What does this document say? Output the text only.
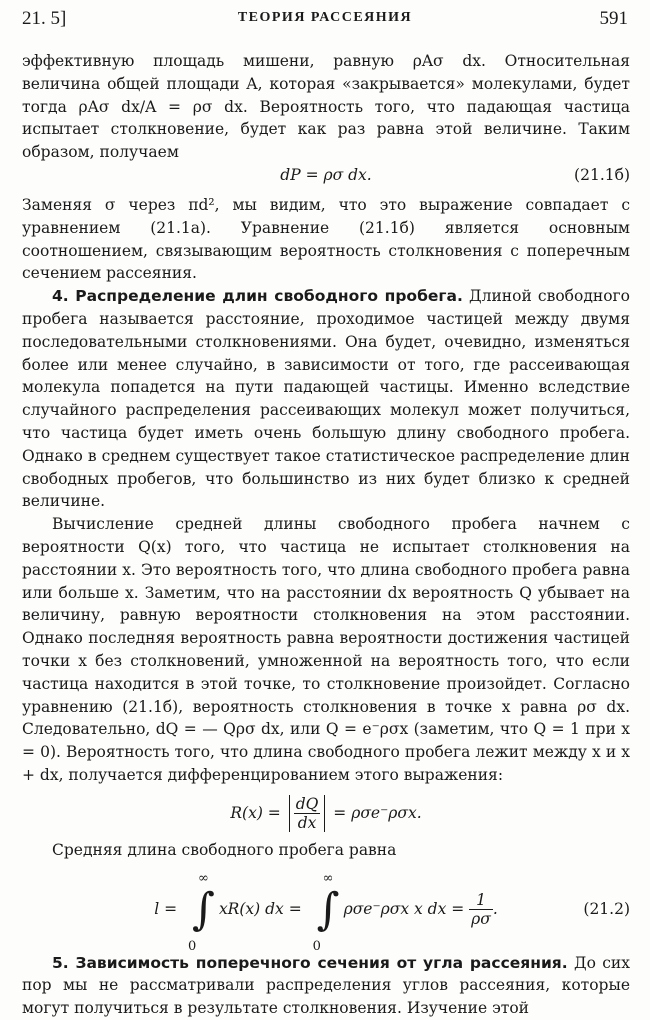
21. 5]	ТЕОРИЯ РАССЕЯНИЯ	591

эффективную площадь мишени, равную ρAσ dx. Относительная величина общей площади A, которая «закрывается» молекулами, будет тогда ρAσ dx/A = ρσ dx. Вероятность того, что падающая частица испытает столкновение, будет как раз равна этой величине. Таким образом, получаем

dP = ρσ dx.	(21.1б)

Заменяя σ через πd², мы видим, что это выражение совпадает с уравнением (21.1а). Уравнение (21.1б) является основным соотношением, связывающим вероятность столкновения с поперечным сечением рассеяния.

4. Распределение длин свободного пробега. Длиной свободного пробега называется расстояние, проходимое частицей между двумя последовательными столкновениями. Она будет, очевидно, изменяться более или менее случайно, в зависимости от того, где рассеивающая молекула попадется на пути падающей частицы. Именно вследствие случайного распределения рассеивающих молекул может получиться, что частица будет иметь очень большую длину свободного пробега. Однако в среднем существует такое статистическое распределение длин свободных пробегов, что большинство из них будет близко к средней величине.

Вычисление средней длины свободного пробега начнем с вероятности Q(x) того, что частица не испытает столкновения на расстоянии x. Это вероятность того, что длина свободного пробега равна или больше x. Заметим, что на расстоянии dx вероятность Q убывает на величину, равную вероятности столкновения на этом расстоянии. Однако последняя вероятность равна вероятности достижения частицей точки x без столкновений, умноженной на вероятность того, что если частица находится в этой точке, то столкновение произойдет. Согласно уравнению (21.1б), вероятность столкновения в точке x равна ρσ dx. Следовательно, dQ = — Qρσ dx, или Q = e⁻ρσx (заметим, что Q = 1 при x = 0). Вероятность того, что длина свободного пробега лежит между x и x + dx, получается дифференцированием этого выражения:

$R(x) = \frac{dQ}{dx} = \rho\sigma e^-\rho\sigma x$.

Средняя длина свободного пробега равна

l = ∫
∞
0
xR(x) dx = ∫
∞
0
ρσe⁻ρσx x dx = $\frac{1}{\rho\sigma}$ .	(21.2)

5. Зависимость поперечного сечения от угла рассеяния. До сих пор мы не рассматривали распределения углов рассеяния, которые могут получиться в результате столкновения. Изучение этой
